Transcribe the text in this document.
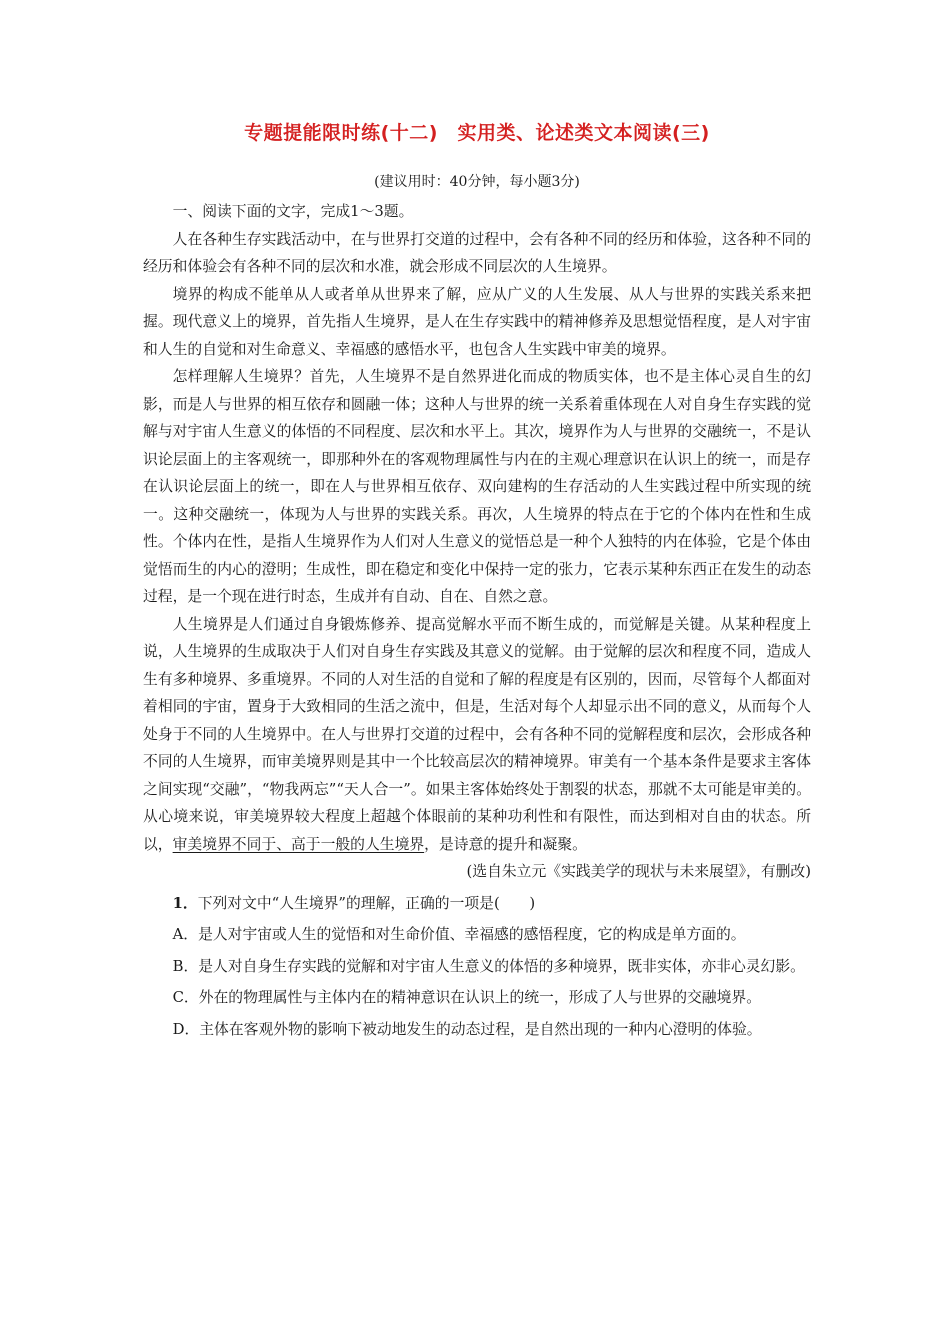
专题提能限时练(十二)　实用类、论述类文本阅读(三)
(建议用时：40分钟，每小题3分)

一、阅读下面的文字，完成1～3题。

人在各种生存实践活动中，在与世界打交道的过程中，会有各种不同的经历和体验，这各种不同的经历和体验会有各种不同的层次和水准，就会形成不同层次的人生境界。

境界的构成不能单从人或者单从世界来了解，应从广义的人生发展、从人与世界的实践关系来把握。现代意义上的境界，首先指人生境界，是人在生存实践中的精神修养及思想觉悟程度，是人对宇宙和人生的自觉和对生命意义、幸福感的感悟水平，也包含人生实践中审美的境界。

怎样理解人生境界？首先，人生境界不是自然界进化而成的物质实体，也不是主体心灵自生的幻影，而是人与世界的相互依存和圆融一体；这种人与世界的统一关系着重体现在人对自身生存实践的觉解与对宇宙人生意义的体悟的不同程度、层次和水平上。其次，境界作为人与世界的交融统一，不是认识论层面上的主客观统一，即那种外在的客观物理属性与内在的主观心理意识在认识上的统一，而是存在认识论层面上的统一，即在人与世界相互依存、双向建构的生存活动的人生实践过程中所实现的统一。这种交融统一，体现为人与世界的实践关系。再次，人生境界的特点在于它的个体内在性和生成性。个体内在性，是指人生境界作为人们对人生意义的觉悟总是一种个人独特的内在体验，它是个体由觉悟而生的内心的澄明；生成性，即在稳定和变化中保持一定的张力，它表示某种东西正在发生的动态过程，是一个现在进行时态，生成并有自动、自在、自然之意。

人生境界是人们通过自身锻炼修养、提高觉解水平而不断生成的，而觉解是关键。从某种程度上说，人生境界的生成取决于人们对自身生存实践及其意义的觉解。由于觉解的层次和程度不同，造成人生有多种境界、多重境界。不同的人对生活的自觉和了解的程度是有区别的，因而，尽管每个人都面对着相同的宇宙，置身于大致相同的生活之流中，但是，生活对每个人却显示出不同的意义，从而每个人处身于不同的人生境界中。在人与世界打交道的过程中，会有各种不同的觉解程度和层次，会形成各种不同的人生境界，而审美境界则是其中一个比较高层次的精神境界。审美有一个基本条件是要求主客体之间实现“交融”，“物我两忘”“天人合一”。如果主客体始终处于割裂的状态，那就不太可能是审美的。从心境来说，审美境界较大程度上超越个体眼前的某种功利性和有限性，而达到相对自由的状态。所以，审美境界不同于、高于一般的人生境界，是诗意的提升和凝聚。

(选自朱立元《实践美学的现状与未来展望》，有删改)

1．下列对文中“人生境界”的理解，正确的一项是(　　)

A．是人对宇宙或人生的觉悟和对生命价值、幸福感的感悟程度，它的构成是单方面的。

B．是人对自身生存实践的觉解和对宇宙人生意义的体悟的多种境界，既非实体，亦非心灵幻影。

C．外在的物理属性与主体内在的精神意识在认识上的统一，形成了人与世界的交融境界。

D．主体在客观外物的影响下被动地发生的动态过程，是自然出现的一种内心澄明的体验。
